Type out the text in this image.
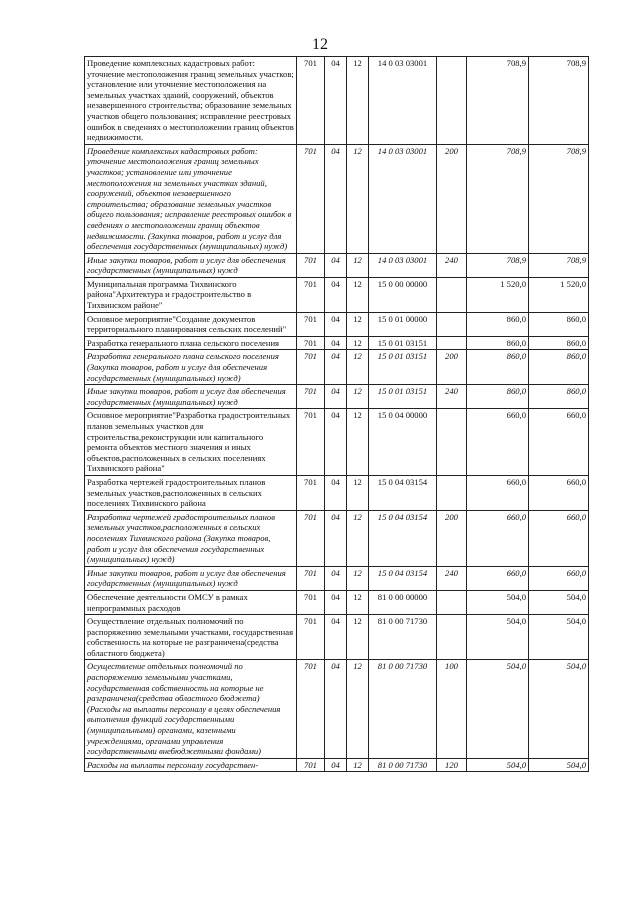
12
Проведение комплексных кадастровых работ: уточнение местоположения границ земельных участков; установление или уточнение местоположения на земельных участках зданий, сооружений, объектов незавершенного строительства; образование земельных участков общего пользования; исправление реестровых ошибок в сведениях о местоположении границ объектов недвижимости.	701	04	12	14 0 03 03001		708,9	708,9
Проведение комплексных кадастровых работ: уточнение местоположения границ земельных участков; установление или уточнение местоположения на земельных участках зданий, сооружений, объектов незавершенного строительства; образование земельных участков общего пользования; исправление реестровых ошибок в сведениях о местоположении границ объектов недвижимости. (Закупка товаров, работ и услуг для обеспечения государственных (муниципальных) нужд)	701	04	12	14 0 03 03001	200	708,9	708,9
Иные закупки товаров, работ и услуг для обеспечения государственных (муниципальных) нужд	701	04	12	14 0 03 03001	240	708,9	708,9
Муниципальная программа Тихвинского района"Архитектура и градостроительство в Тихвинском районе"	701	04	12	15 0 00 00000		1 520,0	1 520,0
Основное мероприятие"Создание документов территориального планирования сельских поселений"	701	04	12	15 0 01 00000		860,0	860,0
Разработка генерального плана сельского поселения	701	04	12	15 0 01 03151		860,0	860,0
Разработка генерального плана сельского поселения (Закупка товаров, работ и услуг для обеспечения государственных (муниципальных) нужд)	701	04	12	15 0 01 03151	200	860,0	860,0
Иные закупки товаров, работ и услуг для обеспечения государственных (муниципальных) нужд	701	04	12	15 0 01 03151	240	860,0	860,0
Основное мероприятие"Разработка градостроительных планов земельных участков для строительства,реконструкции или капитального ремонта объектов местного значения и иных объектов,расположенных в сельских поселениях Тихвинского района"	701	04	12	15 0 04 00000		660,0	660,0
Разработка чертежей градостроительных планов земельных участков,расположенных в сельских поселениях Тихвинского района	701	04	12	15 0 04 03154		660,0	660,0
Разработка чертежей градостроительных планов земельных участков,расположенных в сельских поселениях Тихвинского района (Закупка товаров, работ и услуг для обеспечения государственных (муниципальных) нужд)	701	04	12	15 0 04 03154	200	660,0	660,0
Иные закупки товаров, работ и услуг для обеспечения государственных (муниципальных) нужд	701	04	12	15 0 04 03154	240	660,0	660,0
Обеспечение деятельности ОМСУ в рамках непрограммных расходов	701	04	12	81 0 00 00000		504,0	504,0
Осуществление отдельных полномочий по распоряжению земельными участками, государственная собственность на которые не разграничена(средства областного бюджета)	701	04	12	81 0 00 71730		504,0	504,0
Осуществление отдельных полномочий по распоряжению земельными участками, государственная собственность на которые не разграничена(средства областного бюджета) (Расходы на выплаты персоналу в целях обеспечения выполнения функций государственными (муниципальными) органами, казенными учреждениями, органами управления государственными внебюджетными фондами)	701	04	12	81 0 00 71730	100	504,0	504,0
Расходы на выплаты персоналу государствен-	701	04	12	81 0 00 71730	120	504,0	504,0
